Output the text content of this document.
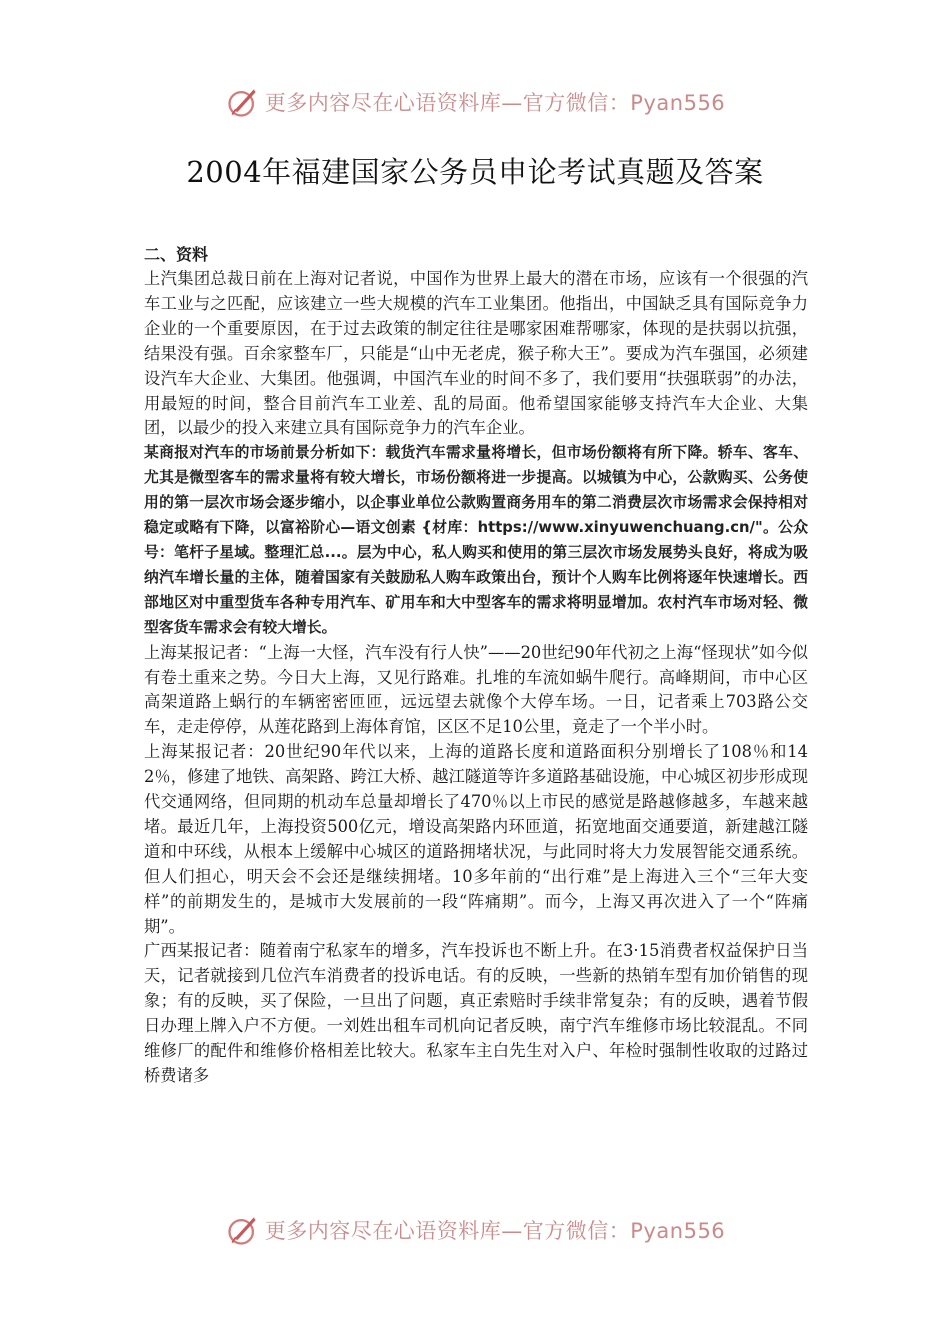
更多内容尽在心语资料库—官方微信：Pyan556
2004年福建国家公务员申论考试真题及答案

二、资料

上汽集团总裁日前在上海对记者说，中国作为世界上最大的潜在市场，应该有一个很强的汽车工业与之匹配，应该建立一些大规模的汽车工业集团。他指出，中国缺乏具有国际竞争力企业的一个重要原因，在于过去政策的制定往往是哪家困难帮哪家，体现的是扶弱以抗强，结果没有强。百余家整车厂，只能是“山中无老虎，猴子称大王”。要成为汽车强国，必须建设汽车大企业、大集团。他强调，中国汽车业的时间不多了，我们要用“扶强联弱”的办法，用最短的时间，整合目前汽车工业差、乱的局面。他希望国家能够支持汽车大企业、大集团，以最少的投入来建立具有国际竞争力的汽车企业。

某商报对汽车的市场前景分析如下：载货汽车需求量将增长，但市场份额将有所下降。轿车、客车、尤其是微型客车的需求量将有较大增长，市场份额将进一步提高。以城镇为中心，公款购买、公务使用的第一层次市场会逐步缩小，以企事业单位公款购置商务用车的第二消费层次市场需求会保持相对稳定或略有下降，以富裕阶心—语文创素 {材库：https://www.xinyuwenchuang.cn/"。公众号：笔杆子星域。整理汇总...。层为中心，私人购买和使用的第三层次市场发展势头良好，将成为吸纳汽车增长量的主体，随着国家有关鼓励私人购车政策出台，预计个人购车比例将逐年快速增长。西部地区对中重型货车各种专用汽车、矿用车和大中型客车的需求将明显增加。农村汽车市场对轻、微型客货车需求会有较大增长。

上海某报记者：“上海一大怪，汽车没有行人快”——20世纪90年代初之上海“怪现状”如今似有卷土重来之势。今日大上海，又见行路难。扎堆的车流如蜗牛爬行。高峰期间，市中心区高架道路上蜗行的车辆密密匝匝，远远望去就像个大停车场。一日，记者乘上703路公交车，走走停停，从莲花路到上海体育馆，区区不足10公里，竟走了一个半小时。

上海某报记者：20世纪90年代以来，上海的道路长度和道路面积分别增长了108％和142％，修建了地铁、高架路、跨江大桥、越江隧道等许多道路基础设施，中心城区初步形成现代交通网络，但同期的机动车总量却增长了470％以上市民的感觉是路越修越多，车越来越堵。最近几年，上海投资500亿元，增设高架路内环匝道，拓宽地面交通要道，新建越江隧道和中环线，从根本上缓解中心城区的道路拥堵状况，与此同时将大力发展智能交通系统。但人们担心，明天会不会还是继续拥堵。10多年前的“出行难”是上海进入三个“三年大变样”的前期发生的，是城市大发展前的一段“阵痛期”。而今，上海又再次进入了一个“阵痛期”。

广西某报记者：随着南宁私家车的增多，汽车投诉也不断上升。在3·15消费者权益保护日当天，记者就接到几位汽车消费者的投诉电话。有的反映，一些新的热销车型有加价销售的现象；有的反映，买了保险，一旦出了问题，真正索赔时手续非常复杂；有的反映，遇着节假日办理上牌入户不方便。一刘姓出租车司机向记者反映，南宁汽车维修市场比较混乱。不同维修厂的配件和维修价格相差比较大。私家车主白先生对入户、年检时强制性收取的过路过桥费诸多

更多内容尽在心语资料库—官方微信：Pyan556
